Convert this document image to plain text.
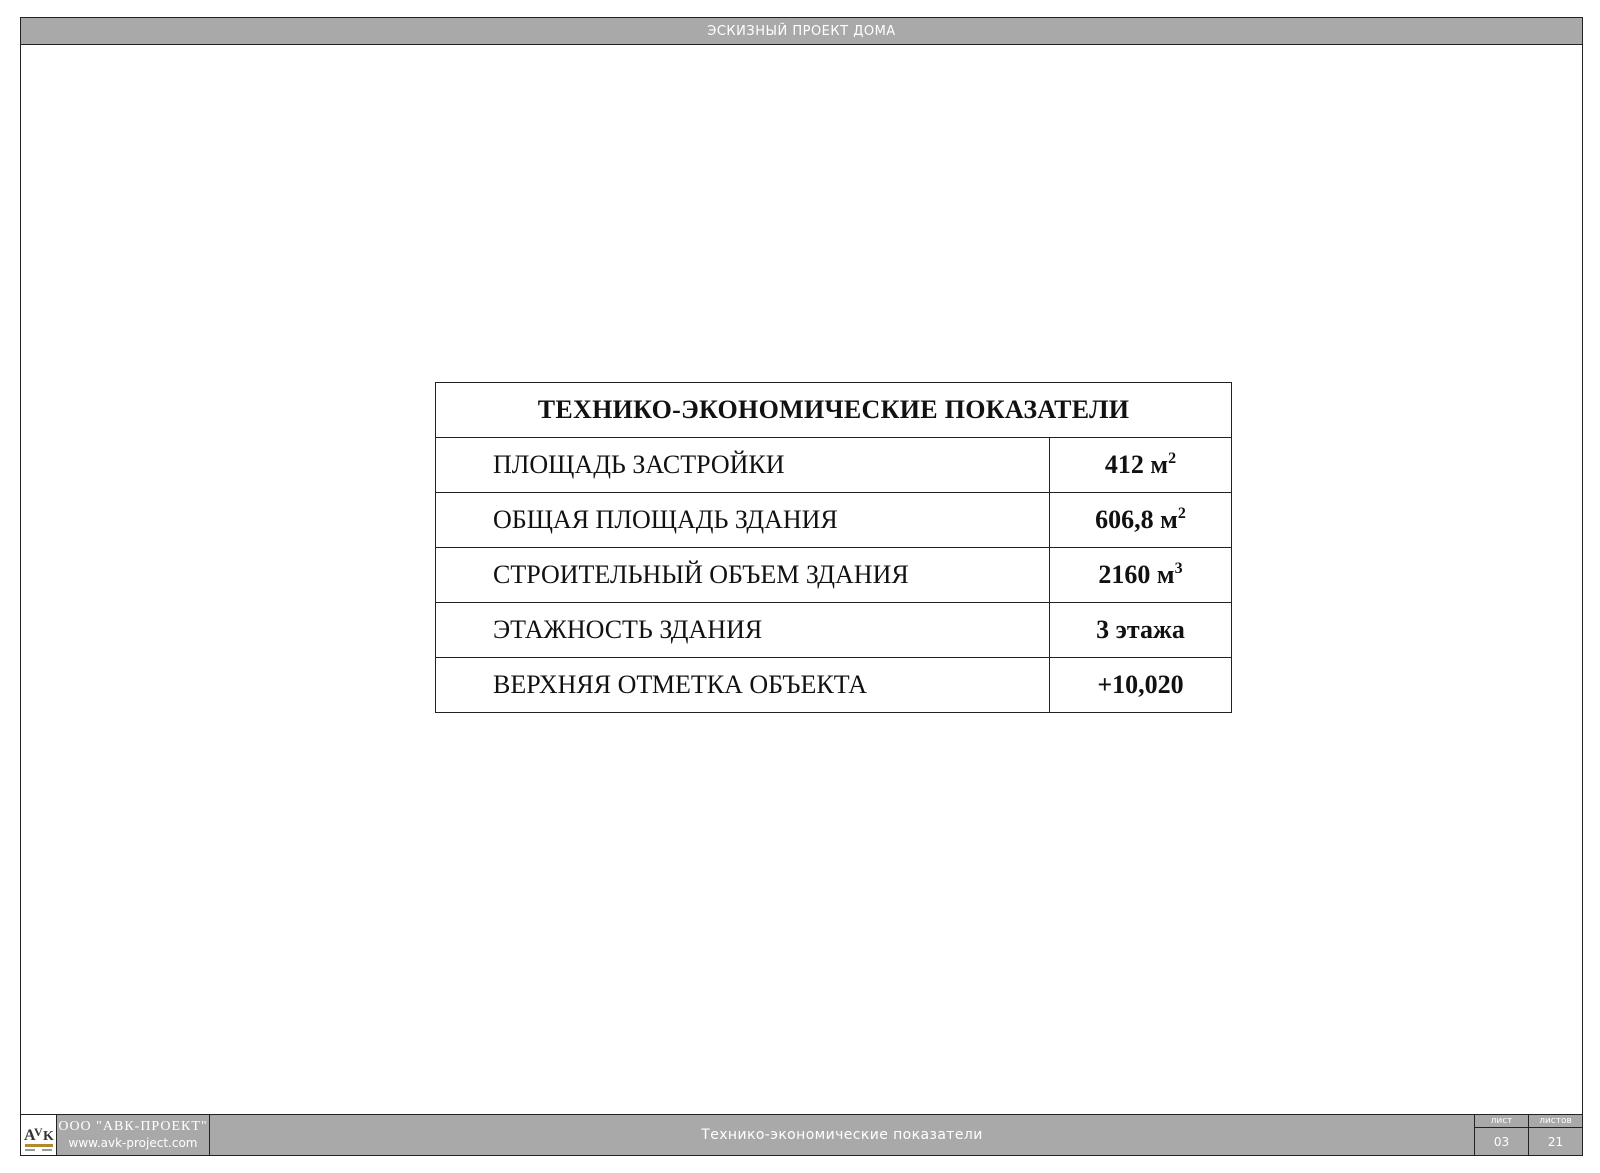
ЭСКИЗНЫЙ ПРОЕКТ ДОМА
ТЕХНИКО-ЭКОНОМИЧЕСКИЕ ПОКАЗАТЕЛИ	
ПЛОЩАДЬ ЗАСТРОЙКИ	412 $м^2$
ОБЩАЯ ПЛОЩАДЬ ЗДАНИЯ	606,8 $м^2$
СТРОИТЕЛЬНЫЙ ОБЪЕМ ЗДАНИЯ	2160 $м^3$
ЭТАЖНОСТЬ ЗДАНИЯ	3 этажа
ВЕРХНЯЯ ОТМЕТКА ОБЪЕКТА	+10,020
A
V K
ООО "АВК-ПРОЕКТ"
www.avk-project.com	Технико-экономические показатели
лист
03
листов
21
